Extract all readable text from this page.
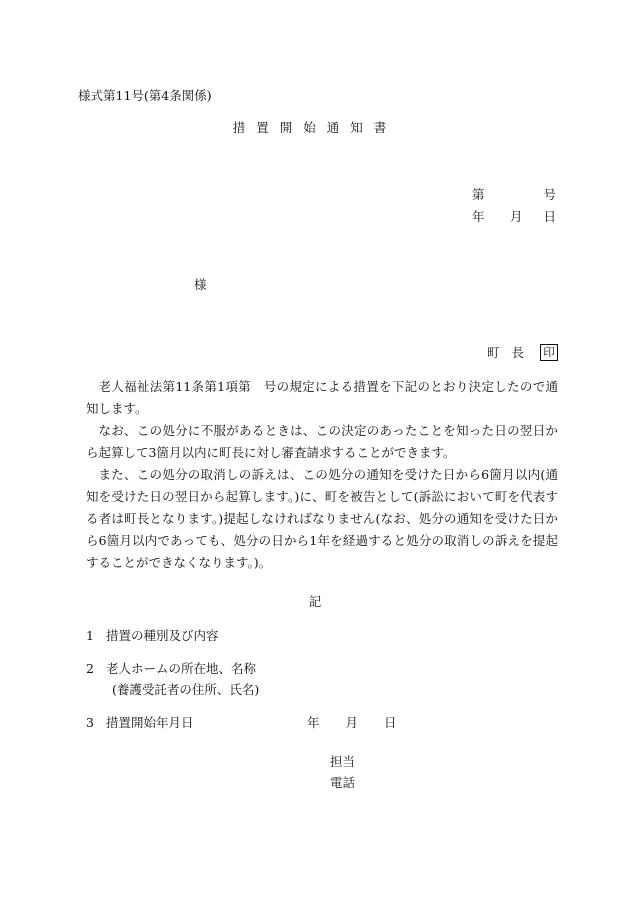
様式第11号(第4条関係)
措置開始通知書
第	号
年 月 日
様
町長 印

老人福祉法第11条第1項第　号の規定による措置を下記のとおり決定したので通知します。

なお、この処分に不服があるときは、この決定のあったことを知った日の翌日から起算して3箇月以内に町長に対し審査請求することができます。

また、この処分の取消しの訴えは、この処分の通知を受けた日から6箇月以内(通知を受けた日の翌日から起算します。)に、町を被告として(訴訟において町を代表する者は町長となります。)提起しなければなりません(なお、処分の通知を受けた日から6箇月以内であっても、処分の日から1年を経過すると処分の取消しの訴えを提起することができなくなります。)。

記
1 措置の種別及び内容
2 老人ホームの所在地、名称
(養護受託者の住所、氏名)
3 措置開始年月日	年 月 日
担当
電話
